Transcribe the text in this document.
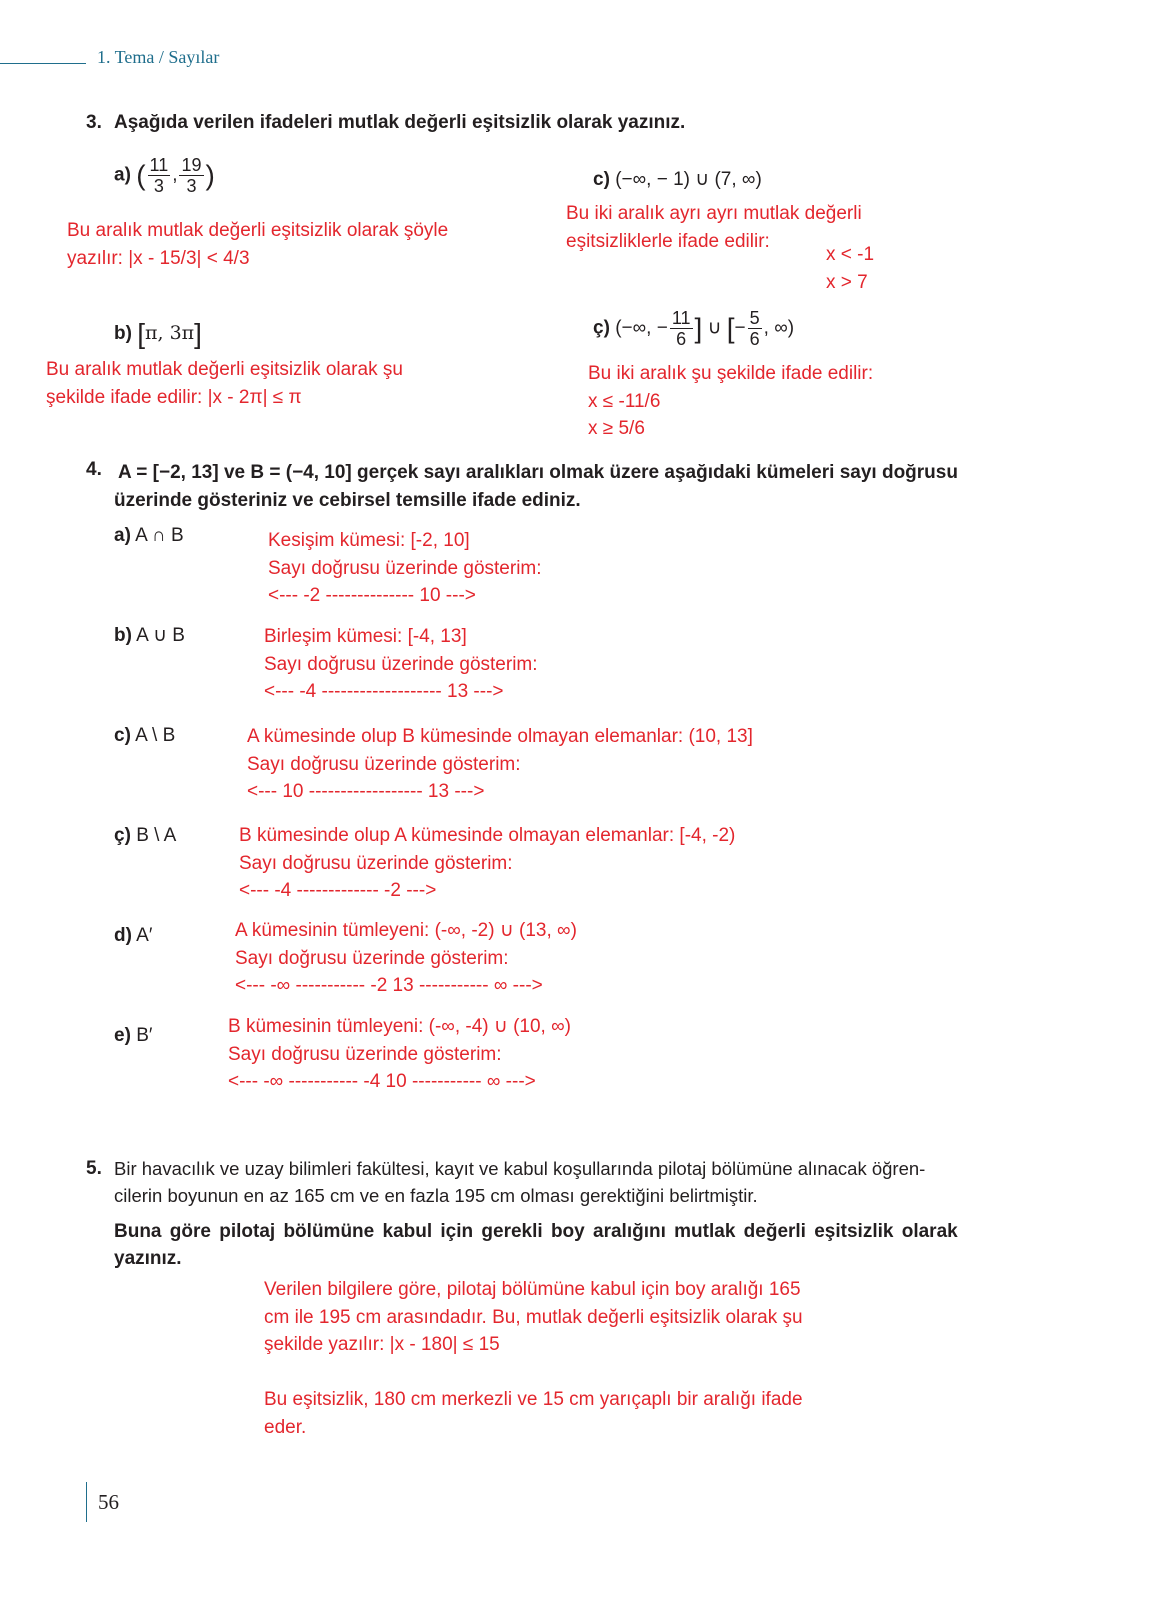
1. Tema / Sayılar
3. Aşağıda verilen ifadeleri mutlak değerli eşitsizlik olarak yazınız.
a) ( $\frac{11}{3}$ , $\frac{19}{3}$ )
Bu aralık mutlak değerli eşitsizlik olarak şöyle
yazılır: |x - 15/3| < 4/3
b) [π, 3π]
Bu aralık mutlak değerli eşitsizlik olarak şu
şekilde ifade edilir: |x - 2π| ≤ π
c) (−∞, − 1) ∪ (7, ∞)
Bu iki aralık ayrı ayrı mutlak değerli
eşitsizliklerle ifade edilir:
x < -1
x > 7
ç) (−∞, − $\frac{11}{6}$ ] ∪ [− $\frac{5}{6}$ , ∞)
Bu iki aralık şu şekilde ifade edilir:
x ≤ -11/6
x ≥ 5/6
4. A = [−2, 13] ve B = (−4, 10] gerçek sayı aralıkları olmak üzere aşağıdaki kümeleri sayı doğrusu
üzerinde gösteriniz ve cebirsel temsille ifade ediniz.
a) A ∩ B	Kesişim kümesi: [-2, 10]
Sayı doğrusu üzerinde gösterim:
<--- -2 -------------- 10 --->
b) A ∪ B	Birleşim kümesi: [-4, 13]
Sayı doğrusu üzerinde gösterim:
<--- -4 ------------------- 13 --->
c) A \ B	A kümesinde olup B kümesinde olmayan elemanlar: (10, 13]
Sayı doğrusu üzerinde gösterim:
<--- 10 ------------------ 13 --->
ç) B \ A	B kümesinde olup A kümesinde olmayan elemanlar: [-4, -2)
Sayı doğrusu üzerinde gösterim:
<--- -4 ------------- -2 --->
d) A′	A kümesinin tümleyeni: (-∞, -2) ∪ (13, ∞)
Sayı doğrusu üzerinde gösterim:
<--- -∞ ----------- -2 13 ----------- ∞ --->
e) B′	B kümesinin tümleyeni: (-∞, -4) ∪ (10, ∞)
Sayı doğrusu üzerinde gösterim:
<--- -∞ ----------- -4 10 ----------- ∞ --->
5. Bir havacılık ve uzay bilimleri fakültesi, kayıt ve kabul koşullarında pilotaj bölümüne alınacak öğren-
cilerin boyunun en az 165 cm ve en fazla 195 cm olması gerektiğini belirtmiştir.
Buna göre pilotaj bölümüne kabul için gerekli boy aralığını mutlak değerli eşitsizlik olarak
yazınız.
Verilen bilgilere göre, pilotaj bölümüne kabul için boy aralığı 165
cm ile 195 cm arasındadır. Bu, mutlak değerli eşitsizlik olarak şu
şekilde yazılır: |x - 180| ≤ 15
Bu eşitsizlik, 180 cm merkezli ve 15 cm yarıçaplı bir aralığı ifade
eder.
56
